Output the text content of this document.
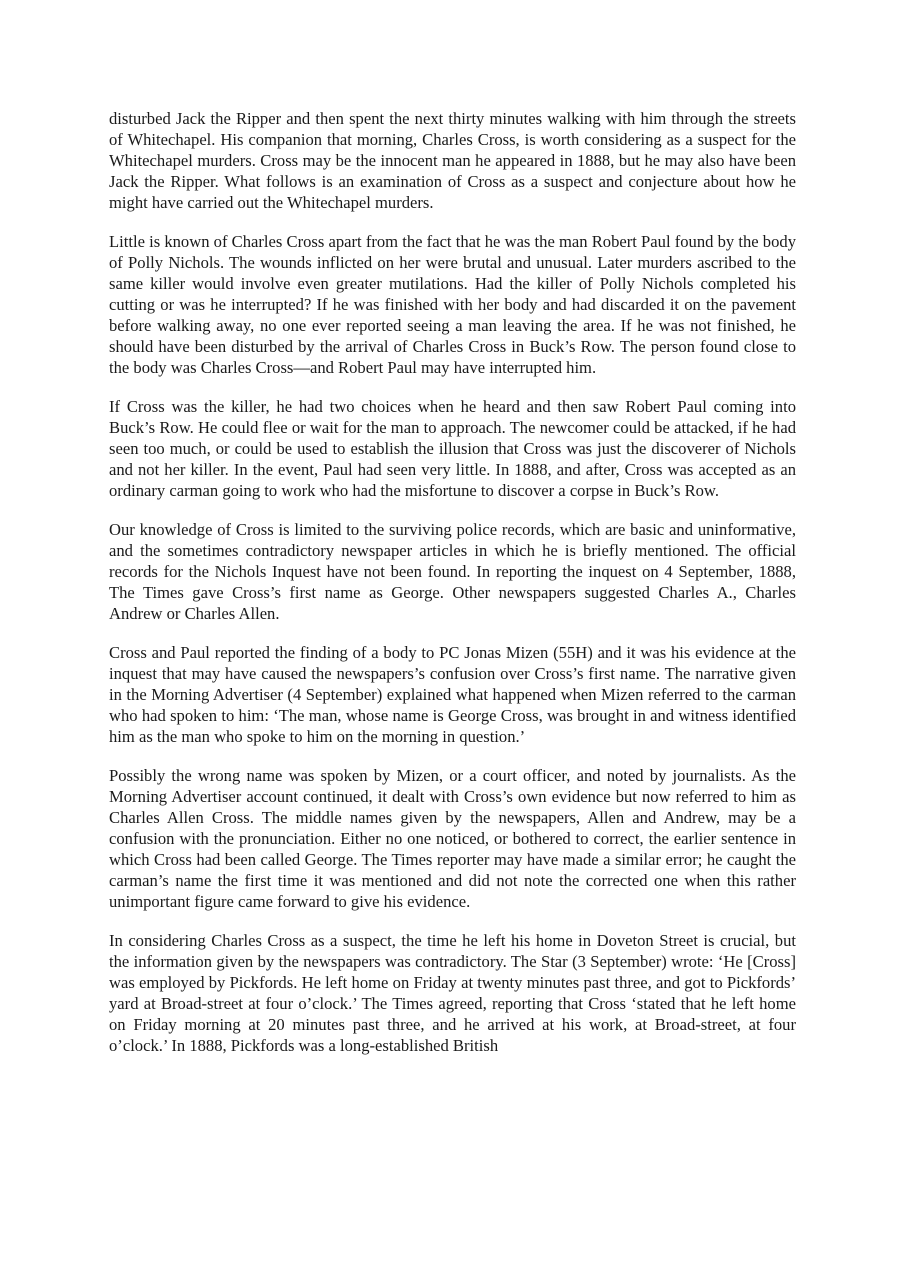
disturbed Jack the Ripper and then spent the next thirty minutes walking with him through the streets of Whitechapel. His companion that morning, Charles Cross, is worth considering as a suspect for the Whitechapel murders. Cross may be the innocent man he appeared in 1888, but he may also have been Jack the Ripper. What follows is an examination of Cross as a suspect and conjecture about how he might have carried out the Whitechapel murders.

Little is known of Charles Cross apart from the fact that he was the man Robert Paul found by the body of Polly Nichols. The wounds inflicted on her were brutal and unusual. Later murders ascribed to the same killer would involve even greater mutilations. Had the killer of Polly Nichols completed his cutting or was he interrupted? If he was finished with her body and had discarded it on the pavement before walking away, no one ever reported seeing a man leaving the area. If he was not finished, he should have been disturbed by the arrival of Charles Cross in Buck’s Row. The person found close to the body was Charles Cross—and Robert Paul may have interrupted him.

If Cross was the killer, he had two choices when he heard and then saw Robert Paul coming into Buck’s Row. He could flee or wait for the man to approach. The newcomer could be attacked, if he had seen too much, or could be used to establish the illusion that Cross was just the discoverer of Nichols and not her killer. In the event, Paul had seen very little. In 1888, and after, Cross was accepted as an ordinary carman going to work who had the misfortune to discover a corpse in Buck’s Row.

Our knowledge of Cross is limited to the surviving police records, which are basic and uninformative, and the sometimes contradictory newspaper articles in which he is briefly mentioned. The official records for the Nichols Inquest have not been found. In reporting the inquest on 4 September, 1888, The Times gave Cross’s first name as George. Other newspapers suggested Charles A., Charles Andrew or Charles Allen.

Cross and Paul reported the finding of a body to PC Jonas Mizen (55H) and it was his evidence at the inquest that may have caused the newspapers’s confusion over Cross’s first name. The narrative given in the Morning Advertiser (4 September) explained what happened when Mizen referred to the carman who had spoken to him: ‘The man, whose name is George Cross, was brought in and witness identified him as the man who spoke to him on the morning in question.’

Possibly the wrong name was spoken by Mizen, or a court officer, and noted by journalists. As the Morning Advertiser account continued, it dealt with Cross’s own evidence but now referred to him as Charles Allen Cross. The middle names given by the newspapers, Allen and Andrew, may be a confusion with the pronunciation. Either no one noticed, or bothered to correct, the earlier sentence in which Cross had been called George. The Times reporter may have made a similar error; he caught the carman’s name the first time it was mentioned and did not note the corrected one when this rather unimportant figure came forward to give his evidence.

In considering Charles Cross as a suspect, the time he left his home in Doveton Street is crucial, but the information given by the newspapers was contradictory. The Star (3 September) wrote: ‘He [Cross] was employed by Pickfords. He left home on Friday at twenty minutes past three, and got to Pickfords’ yard at Broad-street at four o’clock.’ The Times agreed, reporting that Cross ‘stated that he left home on Friday morning at 20 minutes past three, and he arrived at his work, at Broad-street, at four o’clock.’ In 1888, Pickfords was a long-established British
